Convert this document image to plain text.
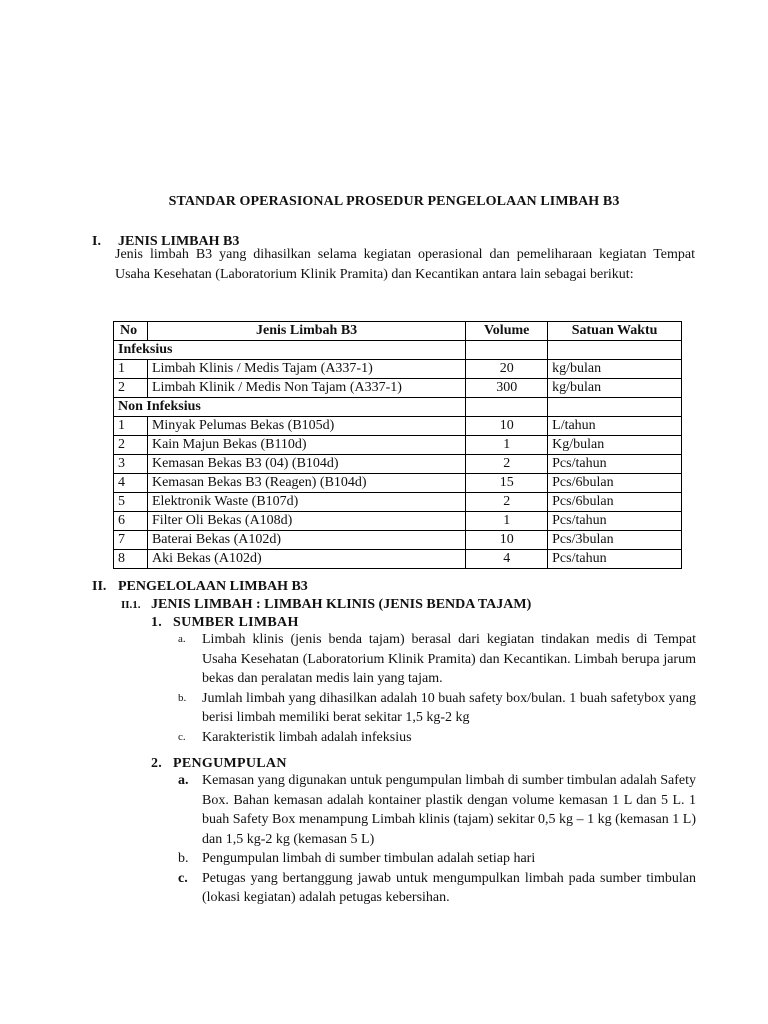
STANDAR OPERASIONAL PROSEDUR PENGELOLAAN LIMBAH B3
I. JENIS LIMBAH B3
Jenis limbah B3 yang dihasilkan selama kegiatan operasional dan pemeliharaan kegiatan Tempat Usaha Kesehatan (Laboratorium Klinik Pramita) dan Kecantikan antara lain sebagai berikut:
No	Jenis Limbah B3	Volume	Satuan Waktu
Infeksius			
1	Limbah Klinis / Medis Tajam (A337-1)	20	kg/bulan
2	Limbah Klinik / Medis Non Tajam (A337-1)	300	kg/bulan
Non Infeksius			
1	Minyak Pelumas Bekas (B105d)	10	L/tahun
2	Kain Majun Bekas (B110d)	1	Kg/bulan
3	Kemasan Bekas B3 (04) (B104d)	2	Pcs/tahun
4	Kemasan Bekas B3 (Reagen) (B104d)	15	Pcs/6bulan
5	Elektronik Waste (B107d)	2	Pcs/6bulan
6	Filter Oli Bekas (A108d)	1	Pcs/tahun
7	Baterai Bekas (A102d)	10	Pcs/3bulan
8	Aki Bekas (A102d)	4	Pcs/tahun
II. PENGELOLAAN LIMBAH B3
II.1. JENIS LIMBAH : LIMBAH KLINIS (JENIS BENDA TAJAM)
1. SUMBER LIMBAH
a.	Limbah klinis (jenis benda tajam) berasal dari kegiatan tindakan medis di Tempat Usaha Kesehatan (Laboratorium Klinik Pramita) dan Kecantikan. Limbah berupa jarum bekas dan peralatan medis lain yang tajam.
b.	Jumlah limbah yang dihasilkan adalah 10 buah safety box/bulan. 1 buah safetybox yang berisi limbah memiliki berat sekitar 1,5 kg-2 kg
c.	Karakteristik limbah adalah infeksius
2. PENGUMPULAN
a. Kemasan yang digunakan untuk pengumpulan limbah di sumber timbulan adalah Safety Box. Bahan kemasan adalah kontainer plastik dengan volume kemasan 1 L dan 5 L. 1 buah Safety Box menampung Limbah klinis (tajam) sekitar 0,5 kg – 1 kg (kemasan 1 L) dan 1,5 kg-2 kg (kemasan 5 L)
b. Pengumpulan limbah di sumber timbulan adalah setiap hari
c.	Petugas yang bertanggung jawab untuk mengumpulkan limbah pada sumber timbulan (lokasi kegiatan) adalah petugas kebersihan.
